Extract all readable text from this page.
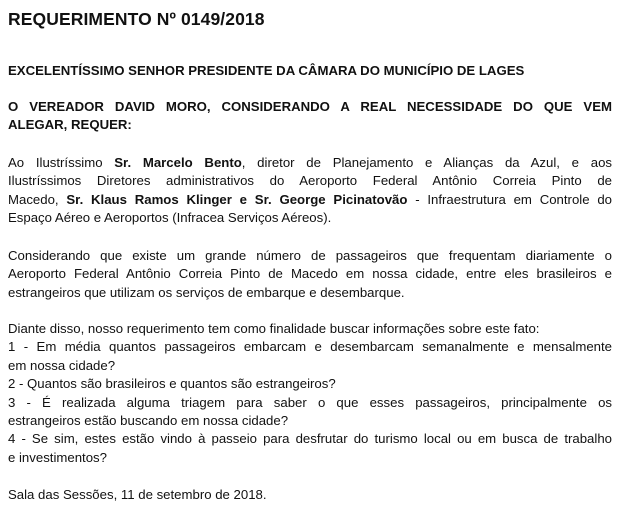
REQUERIMENTO Nº 0149/2018

EXCELENTÍSSIMO SENHOR PRESIDENTE DA CÂMARA DO MUNICÍPIO DE LAGES

O VEREADOR DAVID MORO, CONSIDERANDO A REAL NECESSIDADE DO QUE VEM
ALEGAR, REQUER:

Ao Ilustríssimo Sr. Marcelo Bento, diretor de Planejamento e Alianças da Azul, e aos
Ilustríssimos Diretores administrativos do Aeroporto Federal Antônio Correia Pinto de
Macedo, Sr. Klaus Ramos Klinger e Sr. George Picinatovão - Infraestrutura em Controle do
Espaço Aéreo e Aeroportos (Infracea Serviços Aéreos).

Considerando que existe um grande número de passageiros que frequentam diariamente o
Aeroporto Federal Antônio Correia Pinto de Macedo em nossa cidade, entre eles brasileiros e
estrangeiros que utilizam os serviços de embarque e desembarque.

Diante disso, nosso requerimento tem como finalidade buscar informações sobre este fato:
1 - Em média quantos passageiros embarcam e desembarcam semanalmente e mensalmente
em nossa cidade?
2 - Quantos são brasileiros e quantos são estrangeiros?
3 - É realizada alguma triagem para saber o que esses passageiros, principalmente os
estrangeiros estão buscando em nossa cidade?
4 - Se sim, estes estão vindo à passeio para desfrutar do turismo local ou em busca de trabalho
e investimentos?

Sala das Sessões, 11 de setembro de 2018.
